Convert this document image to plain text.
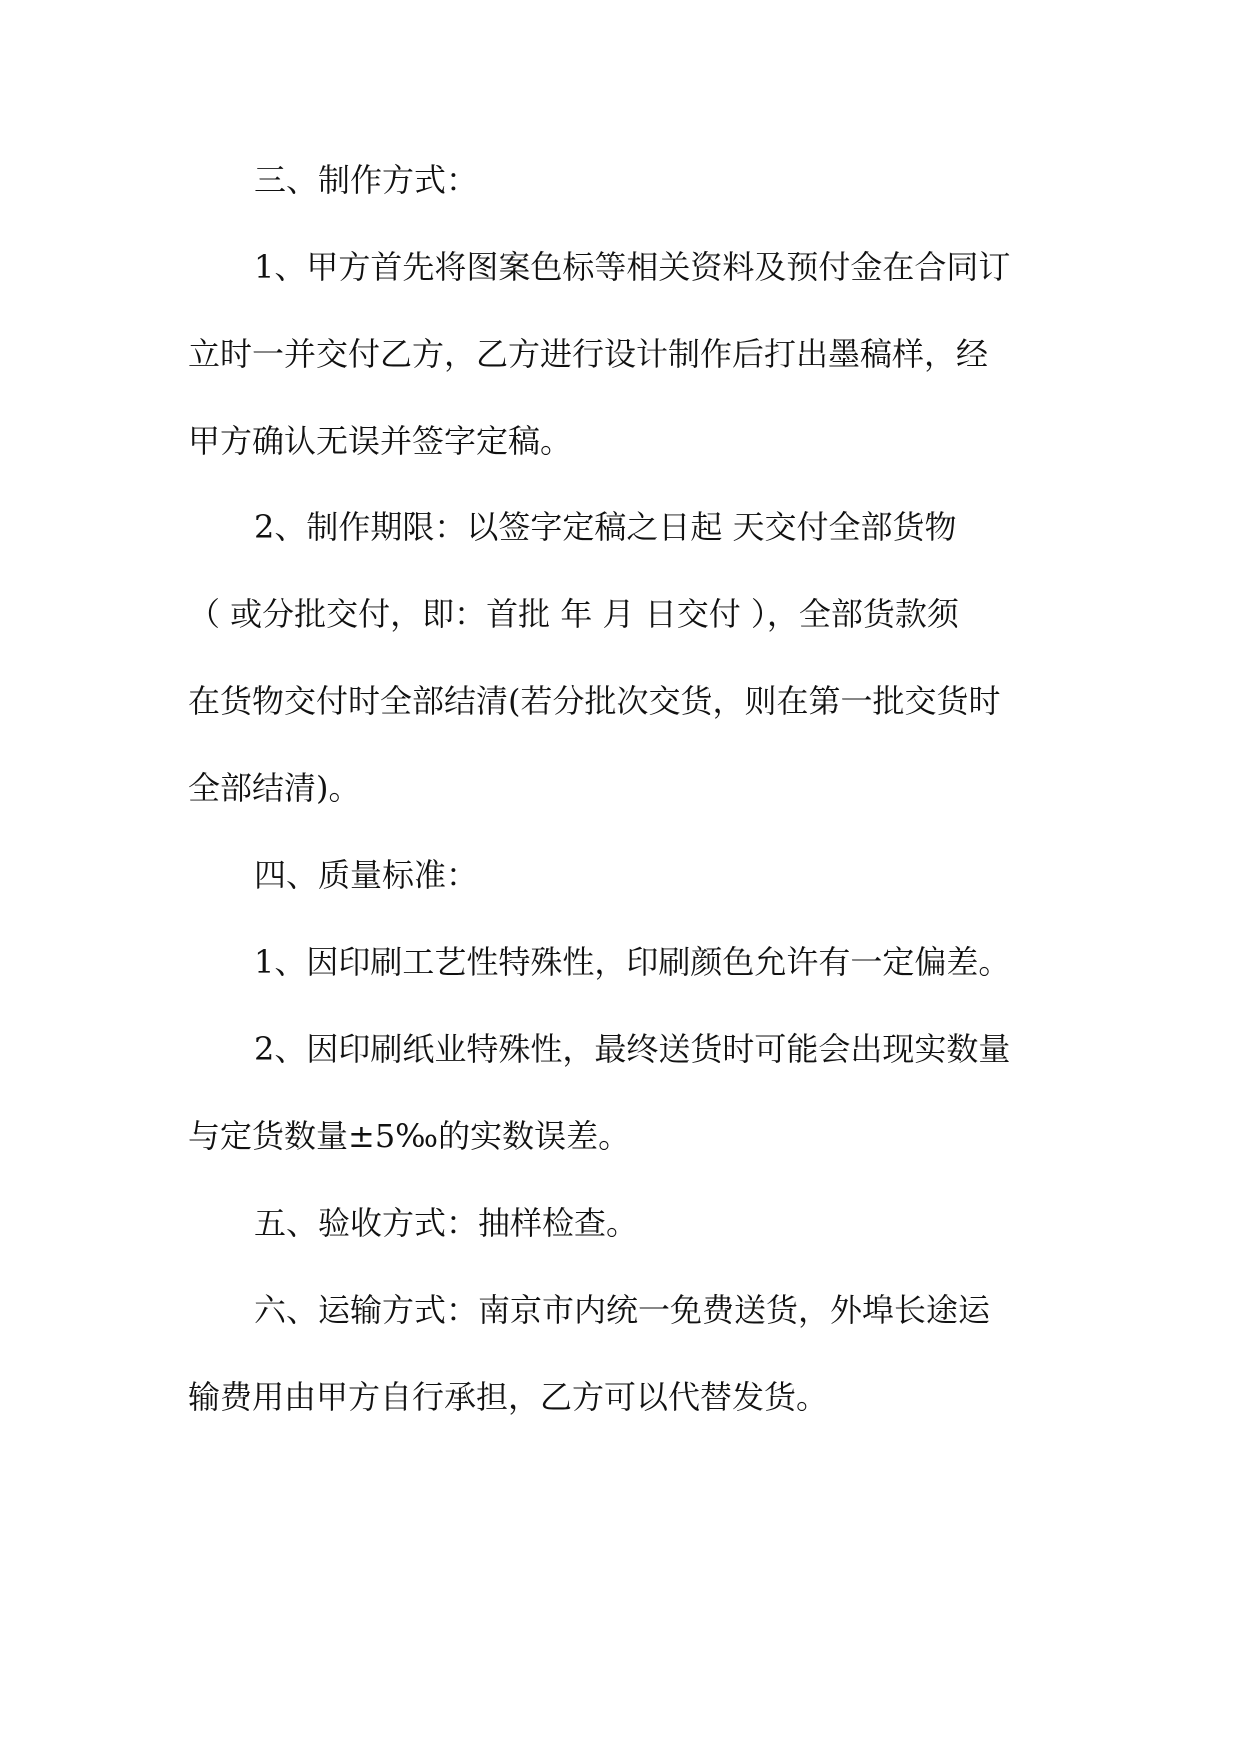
三、制作方式：

1、甲方首先将图案色标等相关资料及预付金在合同订

立时一并交付乙方，乙方进行设计制作后打出墨稿样，经

甲方确认无误并签字定稿。

2、制作期限：以签字定稿之日起 天交付全部货物

（ 或分批交付，即：首批 年 月 日交付 ），全部货款须

在货物交付时全部结清(若分批次交货，则在第一批交货时

全部结清)。

四、质量标准：

1、因印刷工艺性特殊性，印刷颜色允许有一定偏差。

2、因印刷纸业特殊性，最终送货时可能会出现实数量

与定货数量±5‰的实数误差。

五、验收方式：抽样检查。

六、运输方式：南京市内统一免费送货，外埠长途运

输费用由甲方自行承担，乙方可以代替发货。
